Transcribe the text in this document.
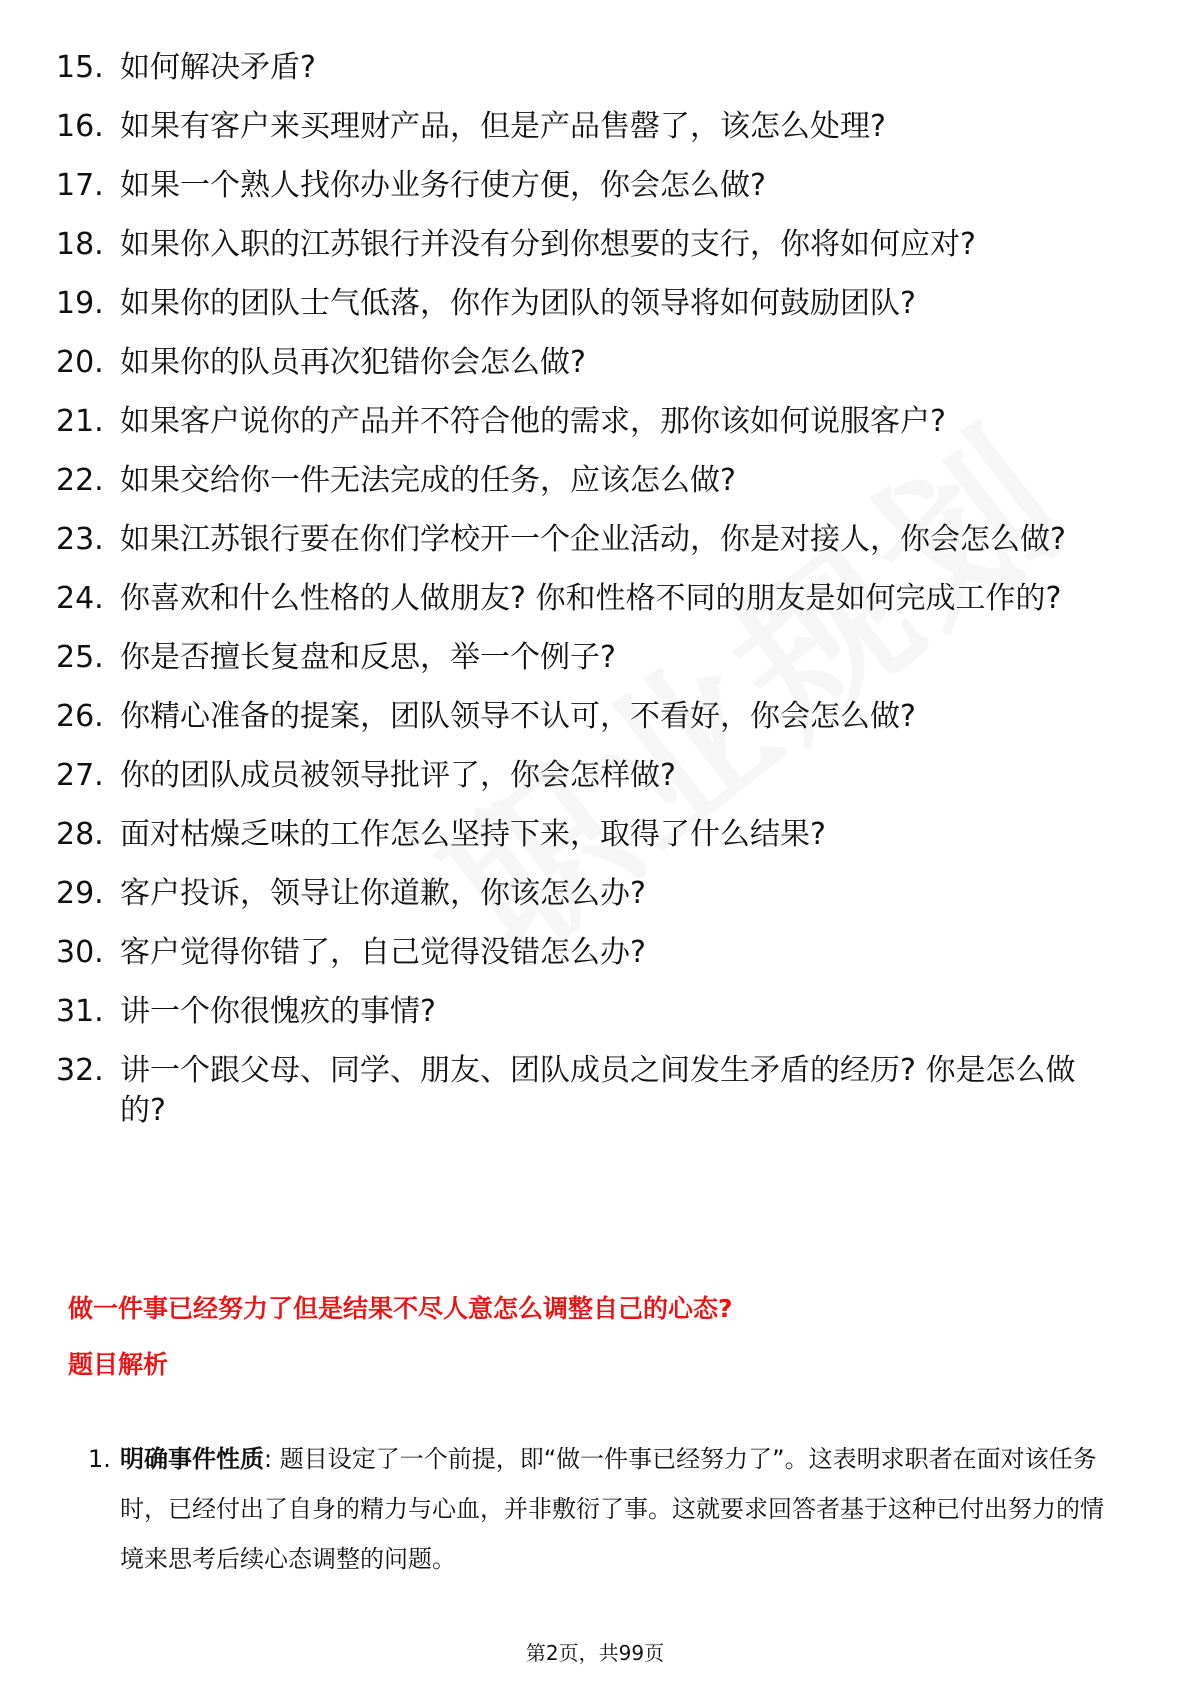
15. 如何解决矛盾?
16. 如果有客户来买理财产品，但是产品售罄了，该怎么处理?
17. 如果一个熟人找你办业务行使方便，你会怎么做?
18. 如果你入职的江苏银行并没有分到你想要的支行，你将如何应对?
19. 如果你的团队士气低落，你作为团队的领导将如何鼓励团队?
20. 如果你的队员再次犯错你会怎么做?
21. 如果客户说你的产品并不符合他的需求，那你该如何说服客户?
22. 如果交给你一件无法完成的任务，应该怎么做?
23. 如果江苏银行要在你们学校开一个企业活动，你是对接人，你会怎么做?
24. 你喜欢和什么性格的人做朋友? 你和性格不同的朋友是如何完成工作的?
25. 你是否擅长复盘和反思，举一个例子?
26. 你精心准备的提案，团队领导不认可，不看好，你会怎么做?
27. 你的团队成员被领导批评了，你会怎样做?
28. 面对枯燥乏味的工作怎么坚持下来，取得了什么结果?
29. 客户投诉，领导让你道歉，你该怎么办?
30. 客户觉得你错了，自己觉得没错怎么办?
31. 讲一个你很愧疚的事情?
32. 讲一个跟父母、同学、朋友、团队成员之间发生矛盾的经历? 你是怎么做的?
做一件事已经努力了但是结果不尽人意怎么调整自己的心态?
题目解析
1. 明确事件性质: 题目设定了一个前提，即“做一件事已经努力了”。这表明求职者在面对该任务时，已经付出了自身的精力与心血，并非敷衍了事。这就要求回答者基于这种已付出努力的情境来思考后续心态调整的问题。
第2页，共99页
